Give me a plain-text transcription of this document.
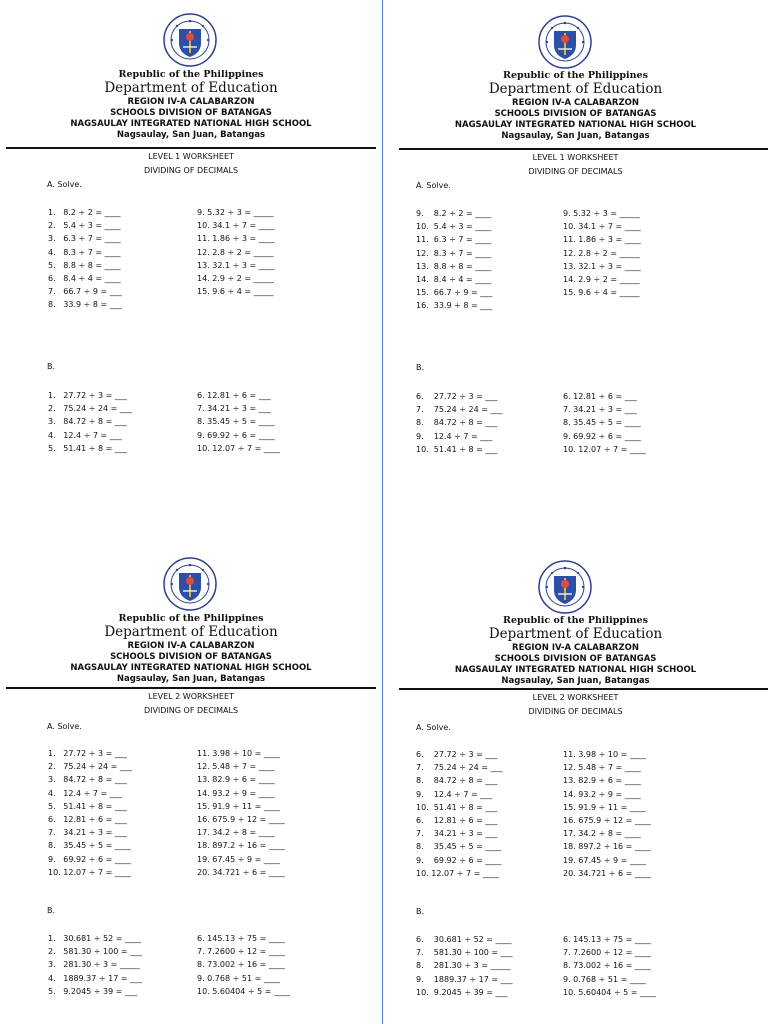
Republic of the Philippines
Department of Education
REGION IV-A CALABARZON
SCHOOLS DIVISION OF BATANGAS
NAGSAULAY INTEGRATED NATIONAL HIGH SCHOOL
Nagsaulay, San Juan, Batangas
LEVEL 1 WORKSHEET
DIVIDING OF DECIMALS
A. Solve.
1.   8.2 ÷ 2 = ____
2.   5.4 ÷ 3 = ____
3.   6.3 ÷ 7 = ____
4.   8.3 ÷ 7 = ____
5.   8.8 ÷ 8 = ____
6.   8.4 ÷ 4 = ____
7.   66.7 ÷ 9 = ___
8.   33.9 ÷ 8 = ___
9. 5.32 ÷ 3 = _____
10. 34.1 ÷ 7 = ____
11. 1.86 ÷ 3 = ____
12. 2.8 ÷ 2 = _____
13. 32.1 ÷ 3 = ____
14. 2.9 ÷ 2 = _____
15. 9.6 ÷ 4 = _____
B.
1.   27.72 ÷ 3 = ___
2.   75.24 ÷ 24 = ___
3.   84.72 ÷ 8 = ___
4.   12.4 ÷ 7 = ___
5.   51.41 ÷ 8 = ___
6. 12.81 ÷ 6 = ___
7. 34.21 ÷ 3 = ___
8. 35.45 ÷ 5 = ____
9. 69.92 ÷ 6 = ____
10. 12.07 ÷ 7 = ____
Republic of the Philippines
Department of Education
REGION IV-A CALABARZON
SCHOOLS DIVISION OF BATANGAS
NAGSAULAY INTEGRATED NATIONAL HIGH SCHOOL
Nagsaulay, San Juan, Batangas
LEVEL 1 WORKSHEET
DIVIDING OF DECIMALS
A. Solve.
9.    8.2 ÷ 2 = ____
10.  5.4 ÷ 3 = ____
11.  6.3 ÷ 7 = ____
12.  8.3 ÷ 7 = ____
13.  8.8 ÷ 8 = ____
14.  8.4 ÷ 4 = ____
15.  66.7 ÷ 9 = ___
16.  33.9 ÷ 8 = ___
9. 5.32 ÷ 3 = _____
10. 34.1 ÷ 7 = ____
11. 1.86 ÷ 3 = ____
12. 2.8 ÷ 2 = _____
13. 32.1 ÷ 3 = ____
14. 2.9 ÷ 2 = _____
15. 9.6 ÷ 4 = _____
B.
6.    27.72 ÷ 3 = ___
7.    75.24 ÷ 24 = ___
8.    84.72 ÷ 8 = ___
9.    12.4 ÷ 7 = ___
10.  51.41 ÷ 8 = ___
6. 12.81 ÷ 6 = ___
7. 34.21 ÷ 3 = ___
8. 35.45 ÷ 5 = ____
9. 69.92 ÷ 6 = ____
10. 12.07 ÷ 7 = ____
Republic of the Philippines
Department of Education
REGION IV-A CALABARZON
SCHOOLS DIVISION OF BATANGAS
NAGSAULAY INTEGRATED NATIONAL HIGH SCHOOL
Nagsaulay, San Juan, Batangas
LEVEL 2 WORKSHEET
DIVIDING OF DECIMALS
A. Solve.
1.   27.72 ÷ 3 = ___
2.   75.24 ÷ 24 = ___
3.   84.72 ÷ 8 = ___
4.   12.4 ÷ 7 = ___
5.   51.41 ÷ 8 = ___
6.   12.81 ÷ 6 = ___
7.   34.21 ÷ 3 = ___
8.   35.45 ÷ 5 = ____
9.   69.92 ÷ 6 = ____
10. 12.07 ÷ 7 = ____
11. 3.98 ÷ 10 = ____
12. 5.48 ÷ 7 = ____
13. 82.9 ÷ 6 = ____
14. 93.2 ÷ 9 = ____
15. 91.9 ÷ 11 = ____
16. 675.9 ÷ 12 = ____
17. 34.2 ÷ 8 = ____
18. 897.2 ÷ 16 = ____
19. 67.45 ÷ 9 = ____
20. 34.721 ÷ 6 = ____
B.
1.   30.681 ÷ 52 = ____
2.   581.30 ÷ 100 = ___
3.   281.30 ÷ 3 = _____
4.   1889.37 ÷ 17 = ___
5.   9.2045 ÷ 39 = ___
6. 145.13 ÷ 75 = ____
7. 7.2600 ÷ 12 = ____
8. 73.002 ÷ 16 = ____
9. 0.768 ÷ 51 = ____
10. 5.60404 ÷ 5 = ____
Republic of the Philippines
Department of Education
REGION IV-A CALABARZON
SCHOOLS DIVISION OF BATANGAS
NAGSAULAY INTEGRATED NATIONAL HIGH SCHOOL
Nagsaulay, San Juan, Batangas
LEVEL 2 WORKSHEET
DIVIDING OF DECIMALS
A. Solve.
6.    27.72 ÷ 3 = ___
7.    75.24 ÷ 24 = ___
8.    84.72 ÷ 8 = ___
9.    12.4 ÷ 7 = ___
10.  51.41 ÷ 8 = ___
6.    12.81 ÷ 6 = ___
7.    34.21 ÷ 3 = ___
8.    35.45 ÷ 5 = ____
9.    69.92 ÷ 6 = ____
10. 12.07 ÷ 7 = ____
11. 3.98 ÷ 10 = ____
12. 5.48 ÷ 7 = ____
13. 82.9 ÷ 6 = ____
14. 93.2 ÷ 9 = ____
15. 91.9 ÷ 11 = ____
16. 675.9 ÷ 12 = ____
17. 34.2 ÷ 8 = ____
18. 897.2 ÷ 16 = ____
19. 67.45 ÷ 9 = ____
20. 34.721 ÷ 6 = ____
B.
6.    30.681 ÷ 52 = ____
7.    581.30 ÷ 100 = ___
8.    281.30 ÷ 3 = _____
9.    1889.37 ÷ 17 = ___
10.  9.2045 ÷ 39 = ___
6. 145.13 ÷ 75 = ____
7. 7.2600 ÷ 12 = ____
8. 73.002 ÷ 16 = ____
9. 0.768 ÷ 51 = ____
10. 5.60404 ÷ 5 = ____
